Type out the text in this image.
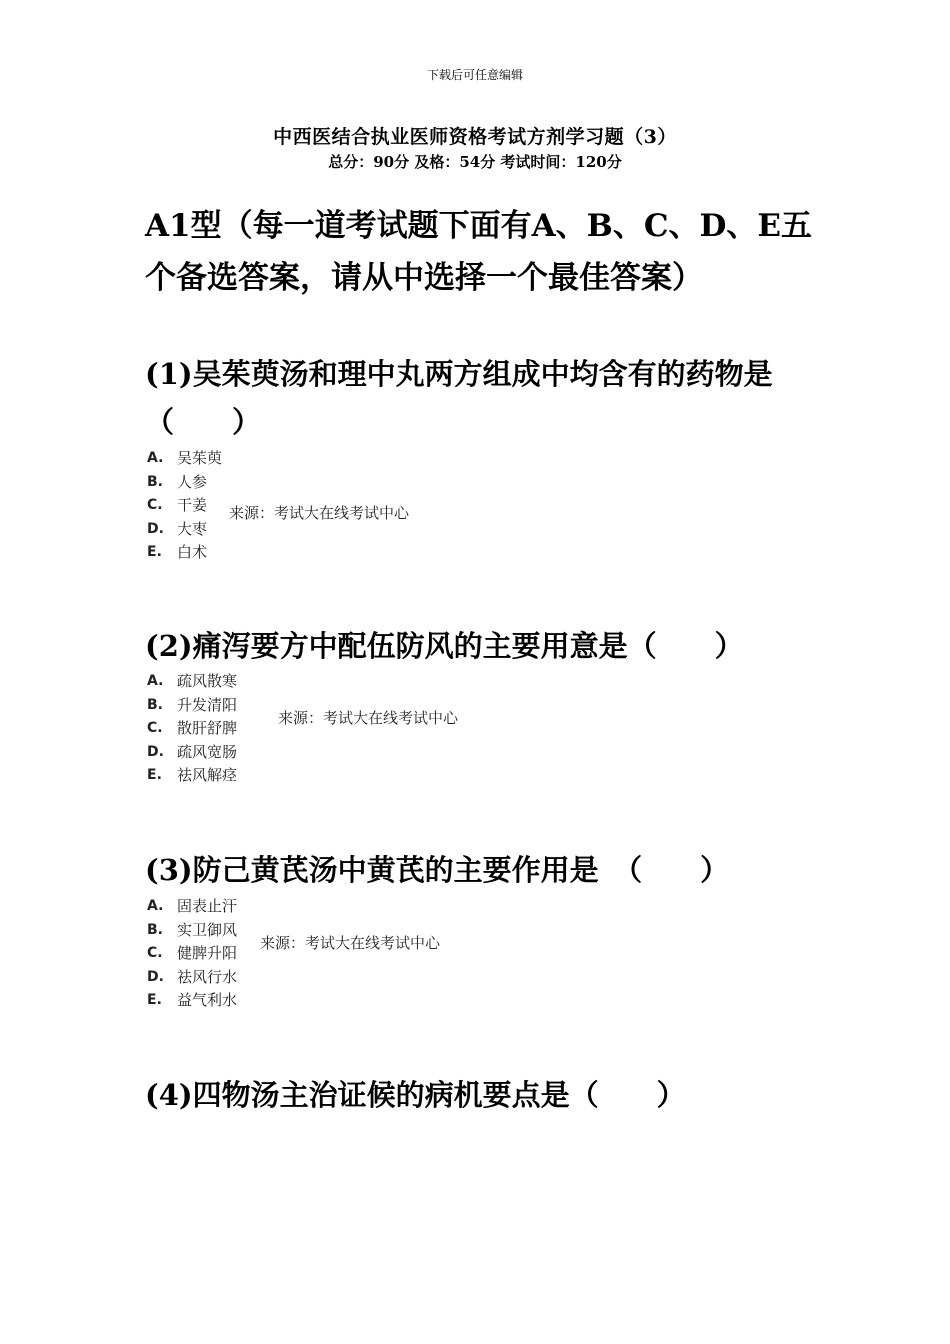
下载后可任意编辑
中西医结合执业医师资格考试方剂学习题（3）
总分：90分 及格：54分 考试时间：120分
A1型（每一道考试题下面有A、B、C、D、E五个备选答案，请从中选择一个最佳答案）
(1)吴茱萸汤和理中丸两方组成中均含有的药物是（　　）
A. 吴茱萸
B. 人参
C. 干姜
D. 大枣
E.	白术
来源：考试大在线考试中心
(2)痛泻要方中配伍防风的主要用意是（　　）
A. 疏风散寒
B. 升发清阳
C. 散肝舒脾
D. 疏风宽肠
E.	祛风解痉
来源：考试大在线考试中心
(3)防己黄芪汤中黄芪的主要作用是　（　　）
A. 固表止汗
B. 实卫御风
C. 健脾升阳
D. 祛风行水
E.	益气利水
来源：考试大在线考试中心
(4)四物汤主治证候的病机要点是（　　）
